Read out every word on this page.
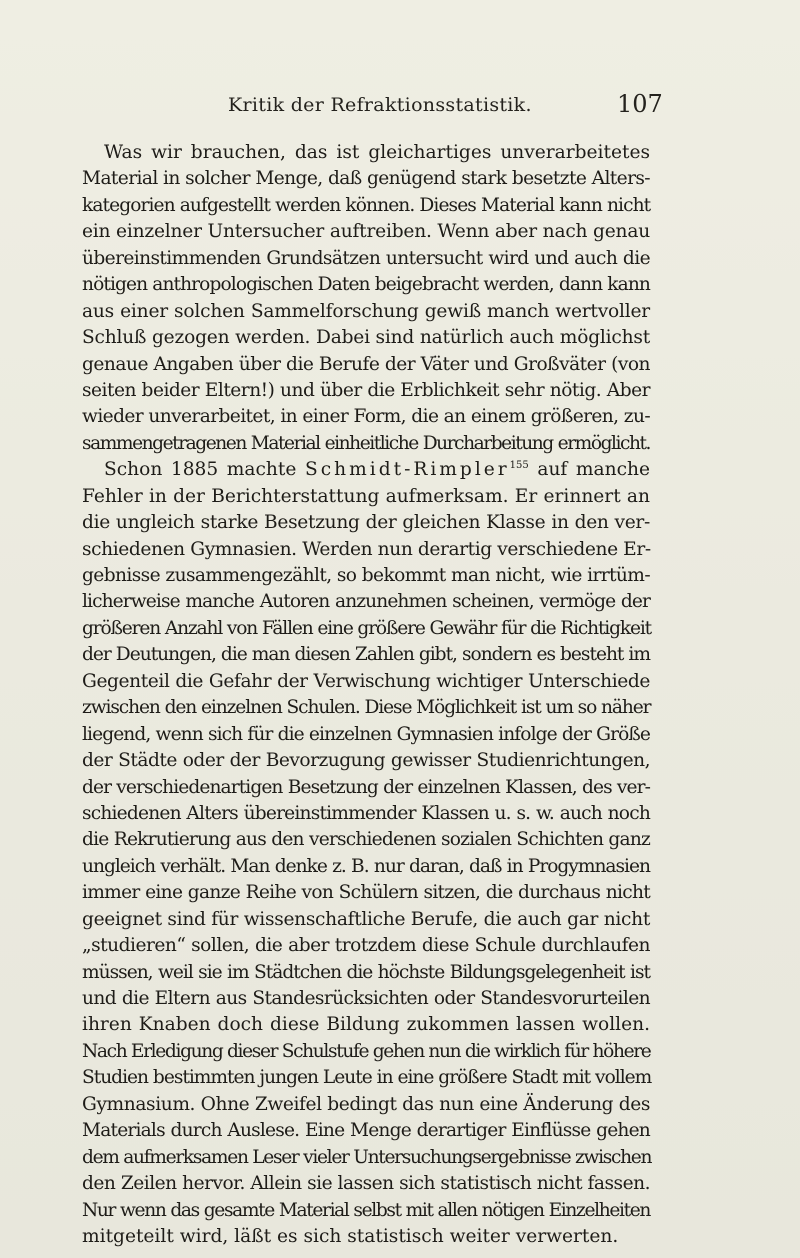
Kritik der Refraktionsstatistik.	107
Was wir brauchen, das ist gleichartiges unverarbeitetes
Material in solcher Menge, daß genügend stark besetzte Alters-
kategorien aufgestellt werden können. Dieses Material kann nicht
ein einzelner Untersucher auftreiben. Wenn aber nach genau
übereinstimmenden Grundsätzen untersucht wird und auch die
nötigen anthropologischen Daten beigebracht werden, dann kann
aus einer solchen Sammelforschung gewiß manch wertvoller
Schluß gezogen werden. Dabei sind natürlich auch möglichst
genaue Angaben über die Berufe der Väter und Großväter (von
seiten beider Eltern!) und über die Erblichkeit sehr nötig. Aber
wieder unverarbeitet, in einer Form, die an einem größeren, zu-
sammengetragenen Material einheitliche Durcharbeitung ermöglicht.
Schon 1885 machte Schmidt-Rimpler$^{155}$ auf manche
Fehler in der Berichterstattung aufmerksam. Er erinnert an
die ungleich starke Besetzung der gleichen Klasse in den ver-
schiedenen Gymnasien. Werden nun derartig verschiedene Er-
gebnisse zusammengezählt, so bekommt man nicht, wie irrtüm-
licherweise manche Autoren anzunehmen scheinen, vermöge der
größeren Anzahl von Fällen eine größere Gewähr für die Richtigkeit
der Deutungen, die man diesen Zahlen gibt, sondern es besteht im
Gegenteil die Gefahr der Verwischung wichtiger Unterschiede
zwischen den einzelnen Schulen. Diese Möglichkeit ist um so näher
liegend, wenn sich für die einzelnen Gymnasien infolge der Größe
der Städte oder der Bevorzugung gewisser Studienrichtungen,
der verschiedenartigen Besetzung der einzelnen Klassen, des ver-
schiedenen Alters übereinstimmender Klassen u. s. w. auch noch
die Rekrutierung aus den verschiedenen sozialen Schichten ganz
ungleich verhält. Man denke z. B. nur daran, daß in Progymnasien
immer eine ganze Reihe von Schülern sitzen, die durchaus nicht
geeignet sind für wissenschaftliche Berufe, die auch gar nicht
„studieren“ sollen, die aber trotzdem diese Schule durchlaufen
müssen, weil sie im Städtchen die höchste Bildungsgelegenheit ist
und die Eltern aus Standesrücksichten oder Standesvorurteilen
ihren Knaben doch diese Bildung zukommen lassen wollen.
Nach Erledigung dieser Schulstufe gehen nun die wirklich für höhere
Studien bestimmten jungen Leute in eine größere Stadt mit vollem
Gymnasium. Ohne Zweifel bedingt das nun eine Änderung des
Materials durch Auslese. Eine Menge derartiger Einflüsse gehen
dem aufmerksamen Leser vieler Untersuchungsergebnisse zwischen
den Zeilen hervor. Allein sie lassen sich statistisch nicht fassen.
Nur wenn das gesamte Material selbst mit allen nötigen Einzelheiten
mitgeteilt wird, läßt es sich statistisch weiter verwerten.
